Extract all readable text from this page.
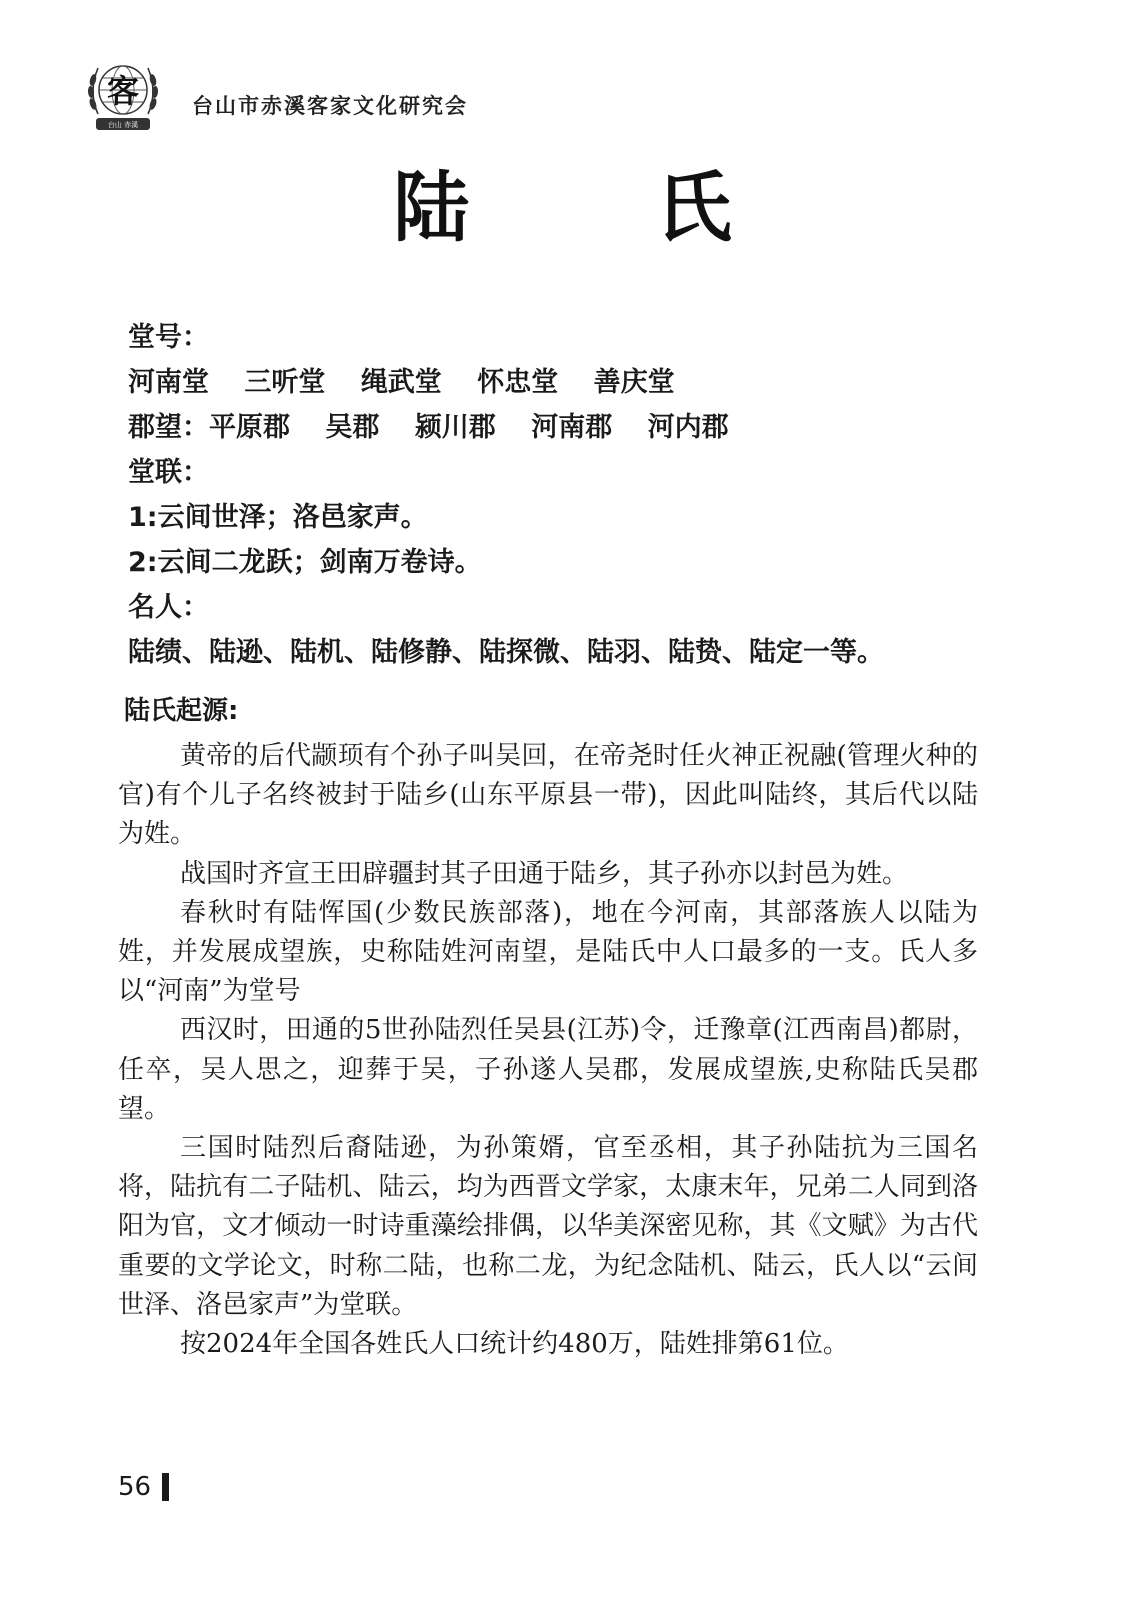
客
台山 赤溪
台山市赤溪客家文化研究会
陆 氏
堂号：
河南堂 三听堂 绳武堂 怀忠堂 善庆堂
郡望：平原郡 吴郡 颍川郡 河南郡 河内郡
堂联：
1:云间世泽；洛邑家声。
2:云间二龙跃；剑南万卷诗。
名人：
陆绩、陆逊、陆机、陆修静、陆探微、陆羽、陆贽、陆定一等。
陆氏起源:

黄帝的后代颛顼有个孙子叫吴回，在帝尧时任火神正祝融(管理火种的官)有个儿子名终被封于陆乡(山东平原县一带)，因此叫陆终，其后代以陆为姓。

战国时齐宣王田辟疆封其子田通于陆乡，其子孙亦以封邑为姓。

春秋时有陆恽国(少数民族部落)，地在今河南，其部落族人以陆为姓，并发展成望族，史称陆姓河南望，是陆氏中人口最多的一支。氏人多以“河南”为堂号

西汉时，田通的5世孙陆烈任吴县(江苏)令，迁豫章(江西南昌)都尉，任卒，吴人思之，迎葬于吴，子孙遂人吴郡，发展成望族,史称陆氏吴郡望。

三国时陆烈后裔陆逊，为孙策婿，官至丞相，其子孙陆抗为三国名将，陆抗有二子陆机、陆云，均为西晋文学家，太康末年，兄弟二人同到洛阳为官，文才倾动一时诗重藻绘排偶，以华美深密见称，其《文赋》为古代重要的文学论文，时称二陆，也称二龙，为纪念陆机、陆云，氏人以“云间世泽、洛邑家声”为堂联。

按2024年全国各姓氏人口统计约480万，陆姓排第61位。

56
